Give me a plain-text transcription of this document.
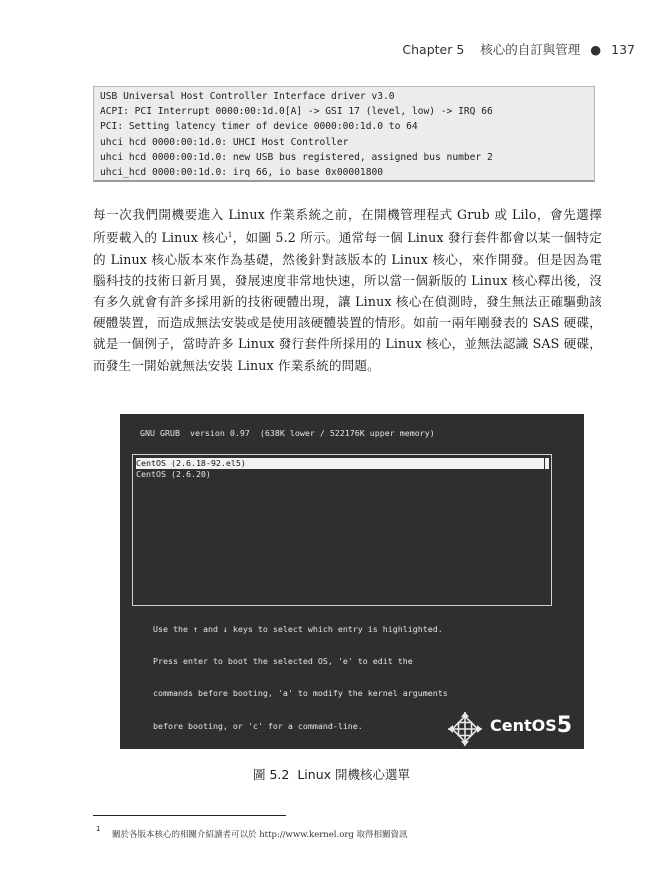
Chapter 5 核心的自訂與管理 ● 137
USB Universal Host Controller Interface driver v3.0
ACPI: PCI Interrupt 0000:00:1d.0[A] -> GSI 17 (level, low) -> IRQ 66
PCI: Setting latency timer of device 0000:00:1d.0 to 64
uhci hcd 0000:00:1d.0: UHCI Host Controller
uhci hcd 0000:00:1d.0: new USB bus registered, assigned bus number 2
uhci_hcd 0000:00:1d.0: irq 66, io base 0x00001800
每一次我們開機要進入 Linux 作業系統之前，在開機管理程式 Grub 或 Lilo，會先選擇所要載入的 Linux 核心$^1$，如圖 5.2 所示。通常每一個 Linux 發行套件都會以某一個特定的 Linux 核心版本來作為基礎，然後針對該版本的 Linux 核心，來作開發。但是因為電腦科技的技術日新月異，發展速度非常地快速，所以當一個新版的 Linux 核心釋出後，沒有多久就會有許多採用新的技術硬體出現，讓 Linux 核心在偵測時，發生無法正確驅動該硬體裝置，而造成無法安裝或是使用該硬體裝置的情形。如前一兩年剛發表的 SAS 硬碟，就是一個例子，當時許多 Linux 發行套件所採用的 Linux 核心，並無法認識 SAS 硬碟，而發生一開始就無法安裝 Linux 作業系統的問題。
GNU GRUB  version 0.97  (638K lower / 522176K upper memory)
CentOS (2.6.18-92.el5)
CentOS (2.6.20)

Use the ↑ and ↓ keys to select which entry is highlighted.

Press enter to boot the selected OS, 'e' to edit the

commands before booting, 'a' to modify the kernel arguments

before booting, or 'c' for a command-line.

	CentOS5
圖 5.2 Linux 開機核心選單
1
關於各版本核心的相關介紹讀者可以於 http://www.kernel.org 取得相關資訊
